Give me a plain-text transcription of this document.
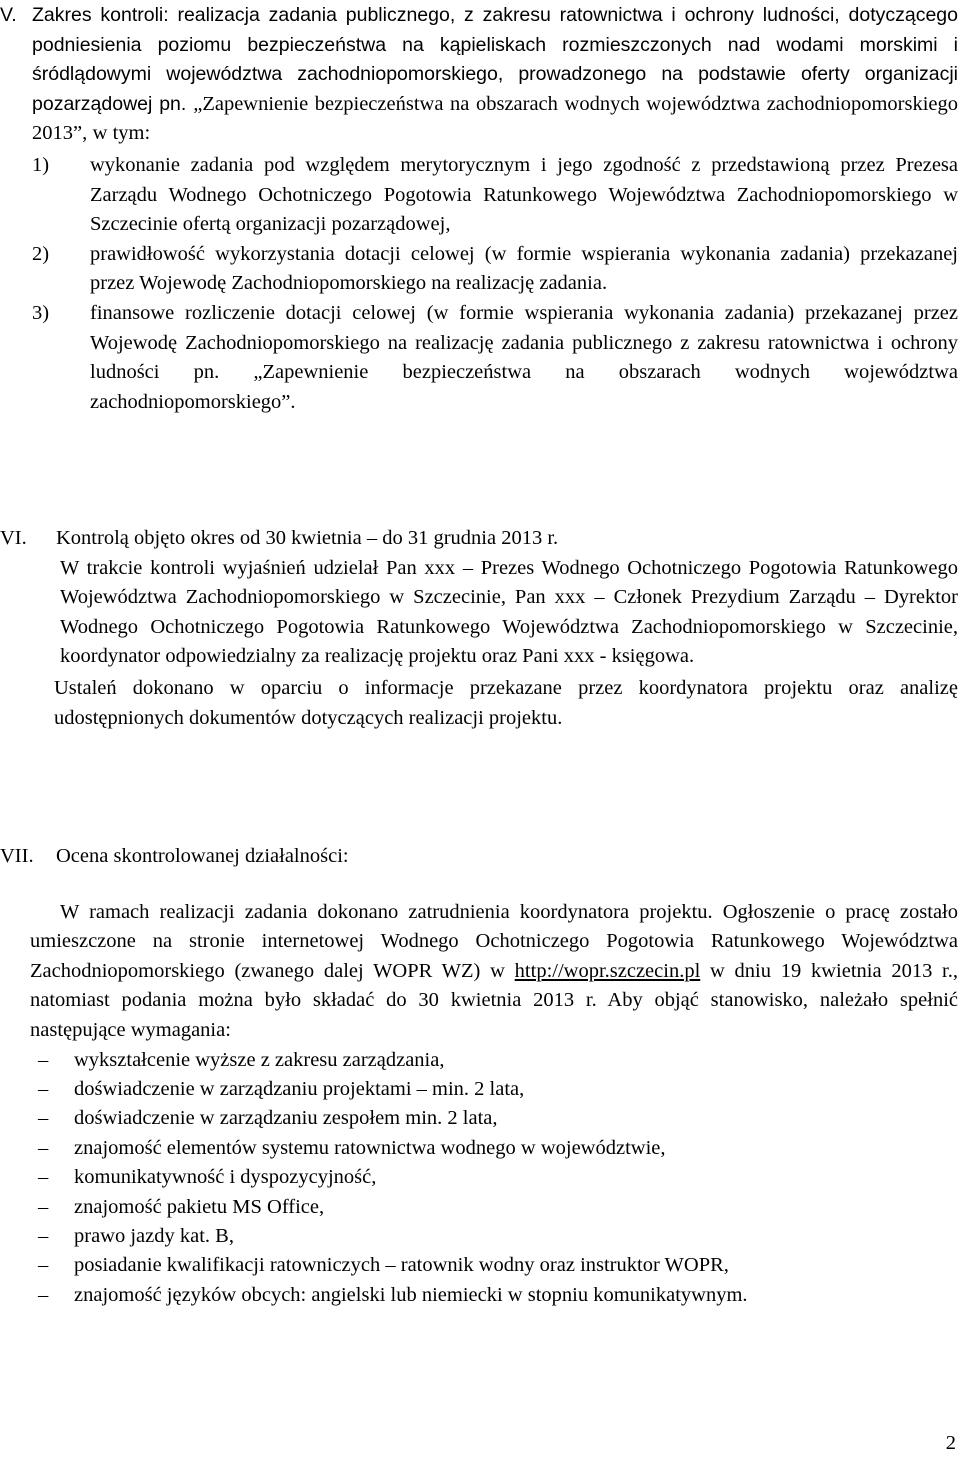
V. Zakres kontroli: realizacja zadania publicznego, z zakresu ratownictwa i ochrony ludności, dotyczącego podniesienia poziomu bezpieczeństwa na kąpieliskach rozmieszczonych nad wodami morskimi i śródlądowymi województwa zachodniopomorskiego, prowadzonego na podstawie oferty organizacji pozarządowej pn. „Zapewnienie bezpieczeństwa na obszarach wodnych województwa zachodniopomorskiego 2013”, w tym:

1) wykonanie zadania pod względem merytorycznym i jego zgodność z przedstawioną przez Prezesa Zarządu Wodnego Ochotniczego Pogotowia Ratunkowego Województwa Zachodniopomorskiego w Szczecinie ofertą organizacji pozarządowej,
2) prawidłowość wykorzystania dotacji celowej (w formie wspierania wykonania zadania) przekazanej przez Wojewodę Zachodniopomorskiego na realizację zadania.
3) finansowe rozliczenie dotacji celowej (w formie wspierania wykonania zadania) przekazanej przez Wojewodę Zachodniopomorskiego na realizację zadania publicznego z zakresu ratownictwa i ochrony ludności pn. „Zapewnienie bezpieczeństwa na obszarach wodnych województwa zachodniopomorskiego”.
VI. Kontrolą objęto okres od 30 kwietnia – do 31 grudnia 2013 r.

W trakcie kontroli wyjaśnień udzielał Pan xxx – Prezes Wodnego Ochotniczego Pogotowia Ratunkowego Województwa Zachodniopomorskiego w Szczecinie, Pan xxx – Członek Prezydium Zarządu – Dyrektor Wodnego Ochotniczego Pogotowia Ratunkowego Województwa Zachodniopomorskiego w Szczecinie, koordynator odpowiedzialny za realizację projektu oraz Pani xxx - księgowa.

Ustaleń dokonano w oparciu o informacje przekazane przez koordynatora projektu oraz analizę udostępnionych dokumentów dotyczących realizacji projektu.

VII. Ocena skontrolowanej działalności:

W ramach realizacji zadania dokonano zatrudnienia koordynatora projektu. Ogłoszenie o pracę zostało umieszczone na stronie internetowej Wodnego Ochotniczego Pogotowia Ratunkowego Województwa Zachodniopomorskiego (zwanego dalej WOPR WZ) w http://wopr.szczecin.pl w dniu 19 kwietnia 2013 r., natomiast podania można było składać do 30 kwietnia 2013 r. Aby objąć stanowisko, należało spełnić następujące wymagania:

– wykształcenie wyższe z zakresu zarządzania,
– doświadczenie w zarządzaniu projektami – min. 2 lata,
– doświadczenie w zarządzaniu zespołem min. 2 lata,
– znajomość elementów systemu ratownictwa wodnego w województwie,
– komunikatywność i dyspozycyjność,
– znajomość pakietu MS Office,
– prawo jazdy kat. B,
– posiadanie kwalifikacji ratowniczych – ratownik wodny oraz instruktor WOPR,
– znajomość języków obcych: angielski lub niemiecki w stopniu komunikatywnym.
2
